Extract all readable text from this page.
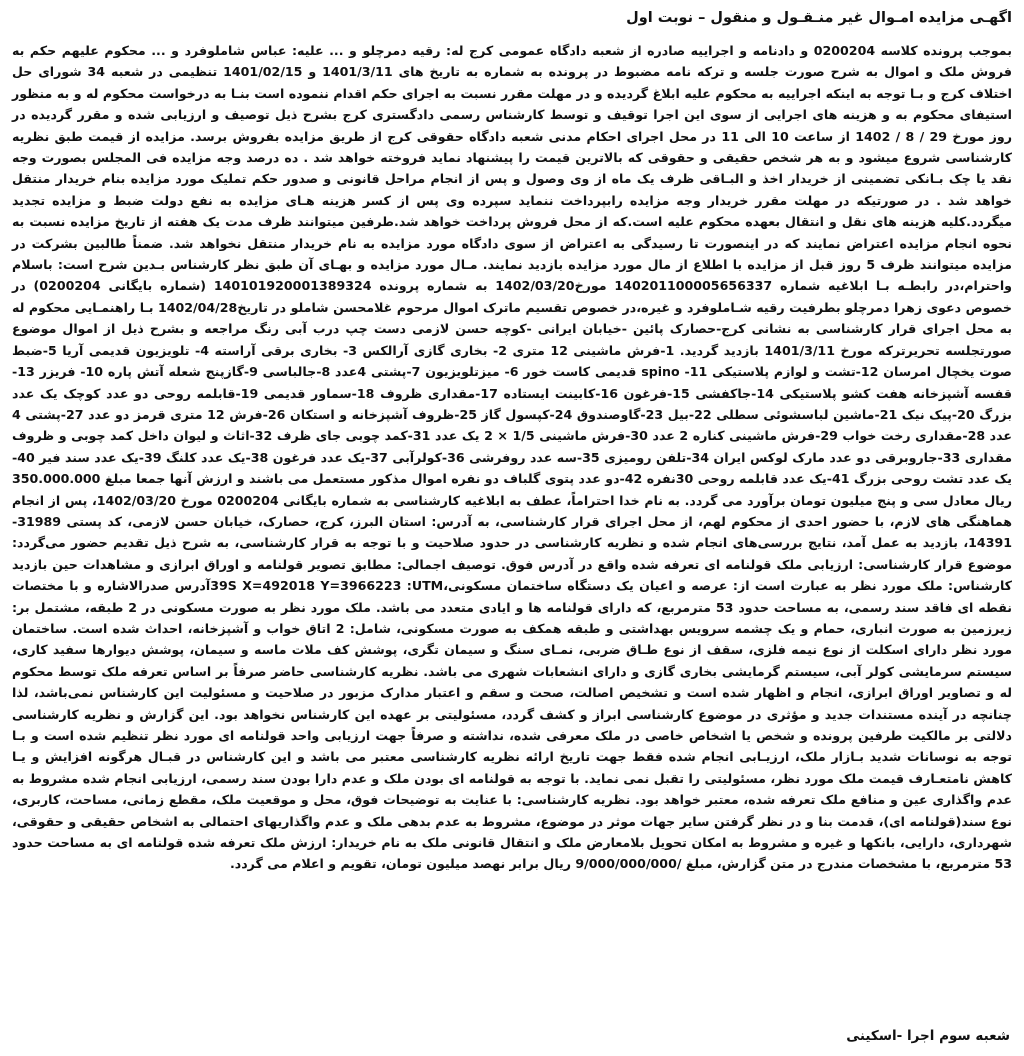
اگهـی مزایده امـوال غیر منـقـول و منقول – نوبت اول

بموجب پرونده کلاسه 0200204 و دادنامه و اجراییه صادره از شعبه دادگاه عمومی کرج له: رقیه دمرچلو و ... علیه: عباس شاملوفرد و ... محکوم علیهم حکم به فروش ملک و اموال به شرح صورت جلسه و ترکه نامه مضبوط در پرونده به شماره به تاریخ های 1401/3/11 و 1401/02/15 تنظیمی در شعبه 34 شورای حل اختلاف کرج و بـا توجه به اینکه اجراییه به محکوم علیه ابلاغ گردیده و در مهلت مقرر نسبت به اجرای حکم اقدام ننموده است بنـا به درخواست محکوم له و به منظور استیفای محکوم به و هزینه های اجرایی از سوی این اجرا توقیف و توسط کارشناس رسمی دادگستری کرج بشرح ذیل توصیف و ارزیابی شده و مقرر گردیده در روز مورخ 29 / 8 / 1402 از ساعت 10 الی 11 در محل اجرای احکام مدنی شعبه دادگاه حقوقی کرج از طریق مزایده بفروش برسد. مزایده از قیمت طبق نظریه کارشناسی شروع میشود و به هر شخص حقیقی و حقوقی که بالاترین قیمت را پیشنهاد نماید فروخته خواهد شد . ده درصد وجه مزایده فی المجلس بصورت وجه نقد یا چک بـانکی تضمینی از خریدار اخذ و البـاقی ظرف یک ماه از وی وصول و پس از انجام مراحل قانونی و صدور حکم تملیک مورد مزایده بنام خریدار منتقل خواهد شد . در صورتیکه در مهلت مقرر خریدار وجه مزایده رابپرداخت ننماید سپرده وی پس از کسر هزینه هـای مزایده به نفع دولت ضبط و مزایده تجدید میگردد.کلیه هزینه های نقل و انتقال بعهده محکوم علیه است.که از محل فروش پرداخت خواهد شد.طرفین میتوانند ظرف مدت یک هفته از تاریخ مزایده نسبت به نحوه انجام مزایده اعتراض نمایند که در اینصورت تا رسیدگی به اعتراض از سوی دادگاه مورد مزایده به نام خریدار منتقل نخواهد شد. ضمناً طالبین بشرکت در مزایده میتوانند ظرف 5 روز قبل از مزایده با اطلاع از مال مورد مزایده بازدید نمایند. مـال مورد مزایده و بهـای آن طبق نظر کارشناس بـدین شرح است: باسلام واحترام،در رابطـه بـا ابلاغیه شماره 140201100005656337 مورخ1402/03/20 به شماره پرونده 140101920001389324 (شماره بایگانی 0200204) در خصوص دعوی زهرا دمرچلو بطرفیت رقیه شـاملوفرد و غیره،در خصوص تقسیم ماترک اموال مرحوم غلامحسن شاملو در تاریخ1402/04/28 بـا راهنمـایی محکوم له به محل اجرای قرار کارشناسی به نشانی کرج-حصارک پائین -خیابان ایرانی -کوچه حسن لازمی دست چپ درب آبی رنگ مراجعه و بشرح ذیل از اموال موضوع صورتجلسه تحریرترکه مورخ 1401/3/11 بازدید گردید. 1-فرش ماشینی 12 متری 2- بخاری گازی آرالکس 3- بخاری برقی آراسته 4- تلویزیون قدیمی آریا 5-ضبط صوت یخچال امرسان 12-تشت و لوازم پلاستیکی 11- spino قدیمی کاست خور 6- میزتلویزیون 7-پشتی 4عدد 8-جالباسی 9-گازپنج شعله آتش پاره 10- فریزر 13-قفسه آشپزخانه هفت کشو پلاستیکی 14-جاکفشی 15-فرغون 16-کابینت ایستاده 17-مقداری ظروف 18-سماور قدیمی 19-قابلمه روحی دو عدد کوچک یک عدد بزرگ 20-پیک نیک 21-ماشین لباسشوئی سطلی 22-بیل 23-گاوصندوق 24-کپسول گاز 25-ظروف آشپزخانه و استکان 26-فرش 12 متری قرمز دو عدد 27-پشتی 4 عدد 28-مقداری رخت خواب 29-فرش ماشینی کناره 2 عدد 30-فرش ماشینی 1/5 × 2 یک عدد 31-کمد چوبی جای ظرف 32-اثاث و لیوان داخل کمد چوبی و ظروف مقداری 33-جاروبرقی دو عدد مارک لوکس ایران 34-تلفن رومیزی 35-سه عدد روفرشی 36-کولرآبی 37-یک عدد فرغون 38-یک عدد کلنگ 39-یک عدد سند فیر 40-یک عدد تشت روحی بزرگ 41-یک عدد قابلمه روحی 30نفره 42-دو عدد پتوی گلباف دو نفره اموال مذکور مستعمل می باشند و ارزش آنها جمعا مبلغ 350.000.000 ریال معادل سی و پنج میلیون تومان برآورد می گردد. به نام خدا احتراماً، عطف به ابلاغیه کارشناسی به شماره بایگانی 0200204 مورخ 1402/03/20، پس از انجام هماهنگی های لازم، با حضور احدی از محکوم لهم، از محل اجرای قرار کارشناسی، به آدرس: استان البرز، کرج، حصارک، خیابان حسن لازمی، کد پستی 31989-14391، بازدید به عمل آمد، نتایج بررسی‌های انجام شده و نظریه کارشناسی در حدود صلاحیت و با توجه به قرار کارشناسی، به شرح ذیل تقدیم حضور می‌گردد: موضوع قرار کارشناسی: ارزیابی ملک قولنامه ای تعرفه شده واقع در آدرس فوق. توصیف اجمالی: مطابق تصویر قولنامه و اوراق ابرازی و مشاهدات حین بازدید کارشناس: ملک مورد نظر به عبارت است از: عرصه و اعیان یک دستگاه ساختمان مسکونی،39S X=492018 Y=3966223 :UTMآدرس صدرالاشاره و با مختصات نقطه ای فاقد سند رسمی، به مساحت حدود 53 مترمربع، که دارای قولنامه ها و ایادی متعدد می باشد. ملک مورد نظر به صورت مسکونی در 2 طبقه، مشتمل بر: زیرزمین به صورت انباری، حمام و یک چشمه سرویس بهداشتی و طبقه همکف به صورت مسکونی، شامل: 2 اتاق خواب و آشپزخانه، احداث شده است. ساختمان مورد نظر دارای اسکلت از نوع نیمه فلزی، سقف از نوع طـاق ضربی، نمـای سنگ و سیمان تگری، پوشش کف ملات ماسه و سیمان، پوشش دیوارها سفید کاری، سیستم سرمایشی کولر آبی، سیستم گرمایشی بخاری گازی و دارای انشعابات شهری می باشد. نظریه کارشناسی حاضر صرفاً بر اساس تعرفه ملک توسط محکوم له و تصاویر اوراق ابرازی، انجام و اظهار شده است و تشخیص اصالت، صحت و سقم و اعتبار مدارک مزبور در صلاحیت و مسئولیت این کارشناس نمی‌باشد، لذا چنانچه در آینده مستندات جدید و مؤثری در موضوع کارشناسی ابراز و کشف گردد، مسئولیتی بر عهده این کارشناس نخواهد بود. این گزارش و نظریه کارشناسی دلالتی بر مالکیت طرفین پرونده و شخص یا اشخاص خاصی در ملک معرفی شده، نداشته و صرفاً جهت ارزیابی واحد قولنامه ای مورد نظر تنظیم شده است و بـا توجه به نوسانات شدید بـازار ملک، ارزیـابی انجام شده فقط جهت تاریخ ارائه نظریه کارشناسی معتبر می باشد و این کارشناس در قبـال هرگونه افزایش و یـا کاهش نامتعـارف قیمت ملک مورد نظر، مسئولیتی را تقبل نمی نماید. با توجه به قولنامه ای بودن ملک و عدم دارا بودن سند رسمی، ارزیابی انجام شده مشروط به عدم واگذاری عین و منافع ملک تعرفه شده، معتبر خواهد بود. نظریه کارشناسی: با عنایت به توضیحات فوق، محل و موقعیت ملک، مقطع زمانی، مساحت، کاربری، نوع سند(قولنامه ای)، قدمت بنا و در نظر گرفتن سایر جهات موثر در موضوع، مشروط به عدم بدهی ملک و عدم واگذاریهای احتمالی به اشخاص حقیقی و حقوقی، شهرداری، دارایی، بانکها و غیره و مشروط به امکان تحویل بلامعارض ملک و انتقال قانونی ملک به نام خریدار: ارزش ملک تعرفه شده قولنامه ای به مساحت حدود 53 مترمربع، با مشخصات مندرج در متن گزارش، مبلغ /9/000/000/000 ریال برابر نهصد میلیون تومان، تقویم و اعلام می گردد.

شعبه سوم اجرا -اسکینی
